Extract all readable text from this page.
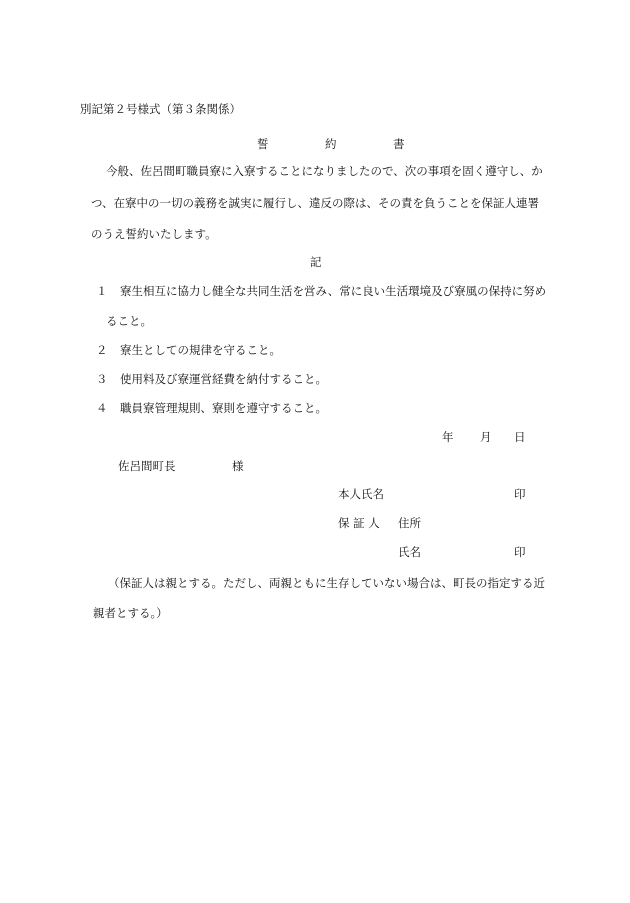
別記第２号様式（第３条関係）
誓	約	書
今般、佐呂間町職員寮に入寮することになりましたので、次の事項を固く遵守し、か
つ、在寮中の一切の義務を誠実に履行し、違反の際は、その責を負うことを保証人連署
のうえ誓約いたします。
記
１ 寮生相互に協力し健全な共同生活を営み、常に良い生活環境及び寮風の保持に努め
ること。
２ 寮生としての規律を守ること。
３ 使用料及び寮運営経費を納付すること。
４ 職員寮管理規則、寮則を遵守すること。
年 月 日
佐呂間町長	様
本人氏名	印
保 証 人 住所
氏名	印
（保証人は親とする。ただし、両親ともに生存していない場合は、町長の指定する近
親者とする。）
